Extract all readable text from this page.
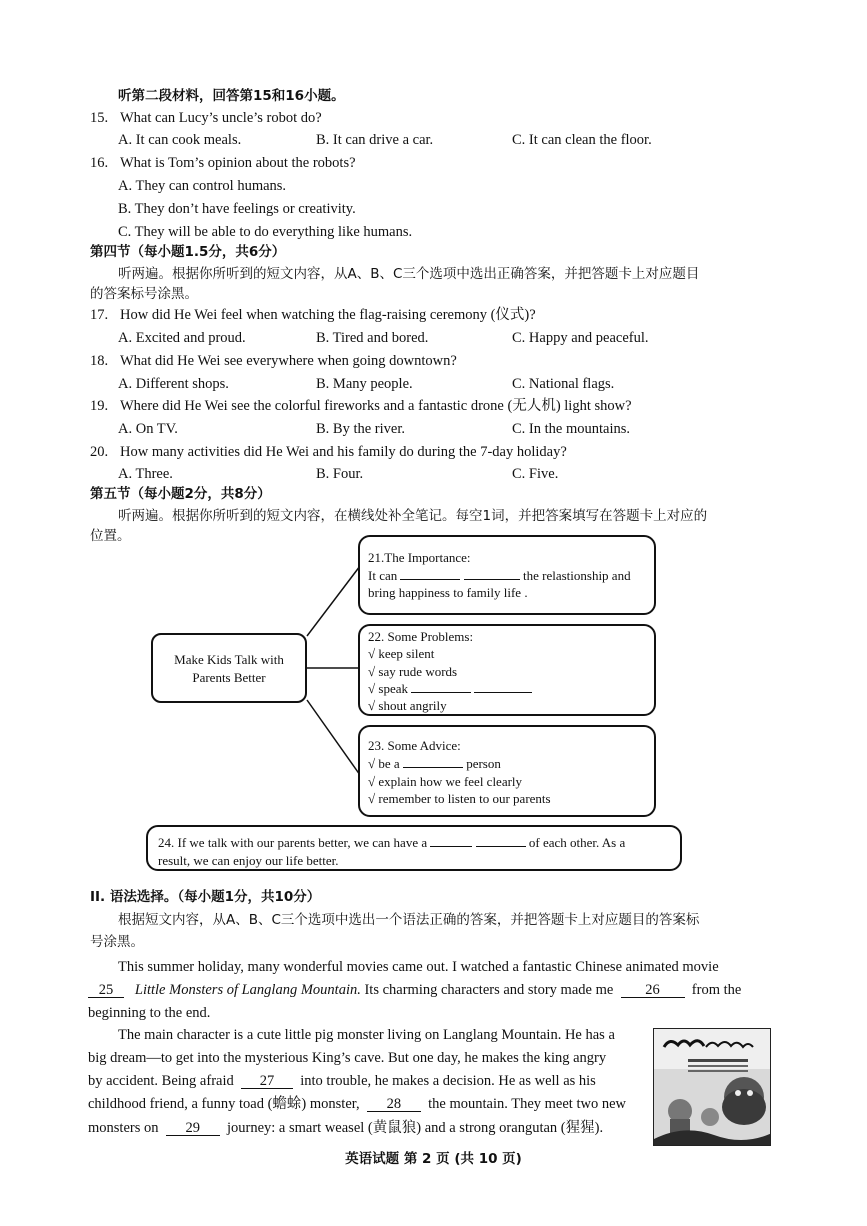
听第二段材料，回答第15和16小题。
15. What can Lucy’s uncle’s robot do?
A. It can cook meals.	B. It can drive a car.	C. It can clean the floor.
16. What is Tom’s opinion about the robots?
A. They can control humans.
B. They don’t have feelings or creativity.
C. They will be able to do everything like humans.
第四节（每小题1.5分，共6分）
听两遍。根据你所听到的短文内容，从A、B、C三个选项中选出正确答案，并把答题卡上对应题目
的答案标号涂黑。
17. How did He Wei feel when watching the flag-raising ceremony (仪式)?
A. Excited and proud.	B. Tired and bored.	C. Happy and peaceful.
18. What did He Wei see everywhere when going downtown?
A. Different shops.	B. Many people.	C. National flags.
19. Where did He Wei see the colorful fireworks and a fantastic drone (无人机) light show?
A. On TV.	B. By the river.	C. In the mountains.
20. How many activities did He Wei and his family do during the 7-day holiday?
A. Three.	B. Four.	C. Five.
第五节（每小题2分，共8分）
听两遍。根据你所听到的短文内容，在横线处补全笔记。每空1词，并把答案填写在答题卡上对应的
位置。
Make Kids Talk with
Parents Better
21.The Importance:
It can	the relastionship and
bring happiness to family life .
22. Some Problems:
√ keep silent
√ say rude words
√ speak
√ shout angrily
23. Some Advice:
√ be a	person
√ explain how we feel clearly
√ remember to listen to our parents
24. If we talk with our parents better, we can have a	of each other. As a
result, we can enjoy our life better.
II. 语法选择。（每小题1分，共10分）
根据短文内容，从A、B、C三个选项中选出一个语法正确的答案，并把答题卡上对应题目的答案标
号涂黑。
This summer holiday, many wonderful movies came out. I watched a fantastic Chinese animated movie
25 Little Monsters of Langlang Mountain. Its charming characters and story made me 26 from the
beginning to the end.
The main character is a cute little pig monster living on Langlang Mountain. He has a
big dream—to get into the mysterious King’s cave. But one day, he makes the king angry
by accident. Being afraid 27 into trouble, he makes a decision. He as well as his
childhood friend, a funny toad (蟾蜍) monster, 28 the mountain. They meet two new
monsters on 29 journey: a smart weasel (黄鼠狼) and a strong orangutan (猩猩).
英语试题 第 2 页 (共 10 页)
